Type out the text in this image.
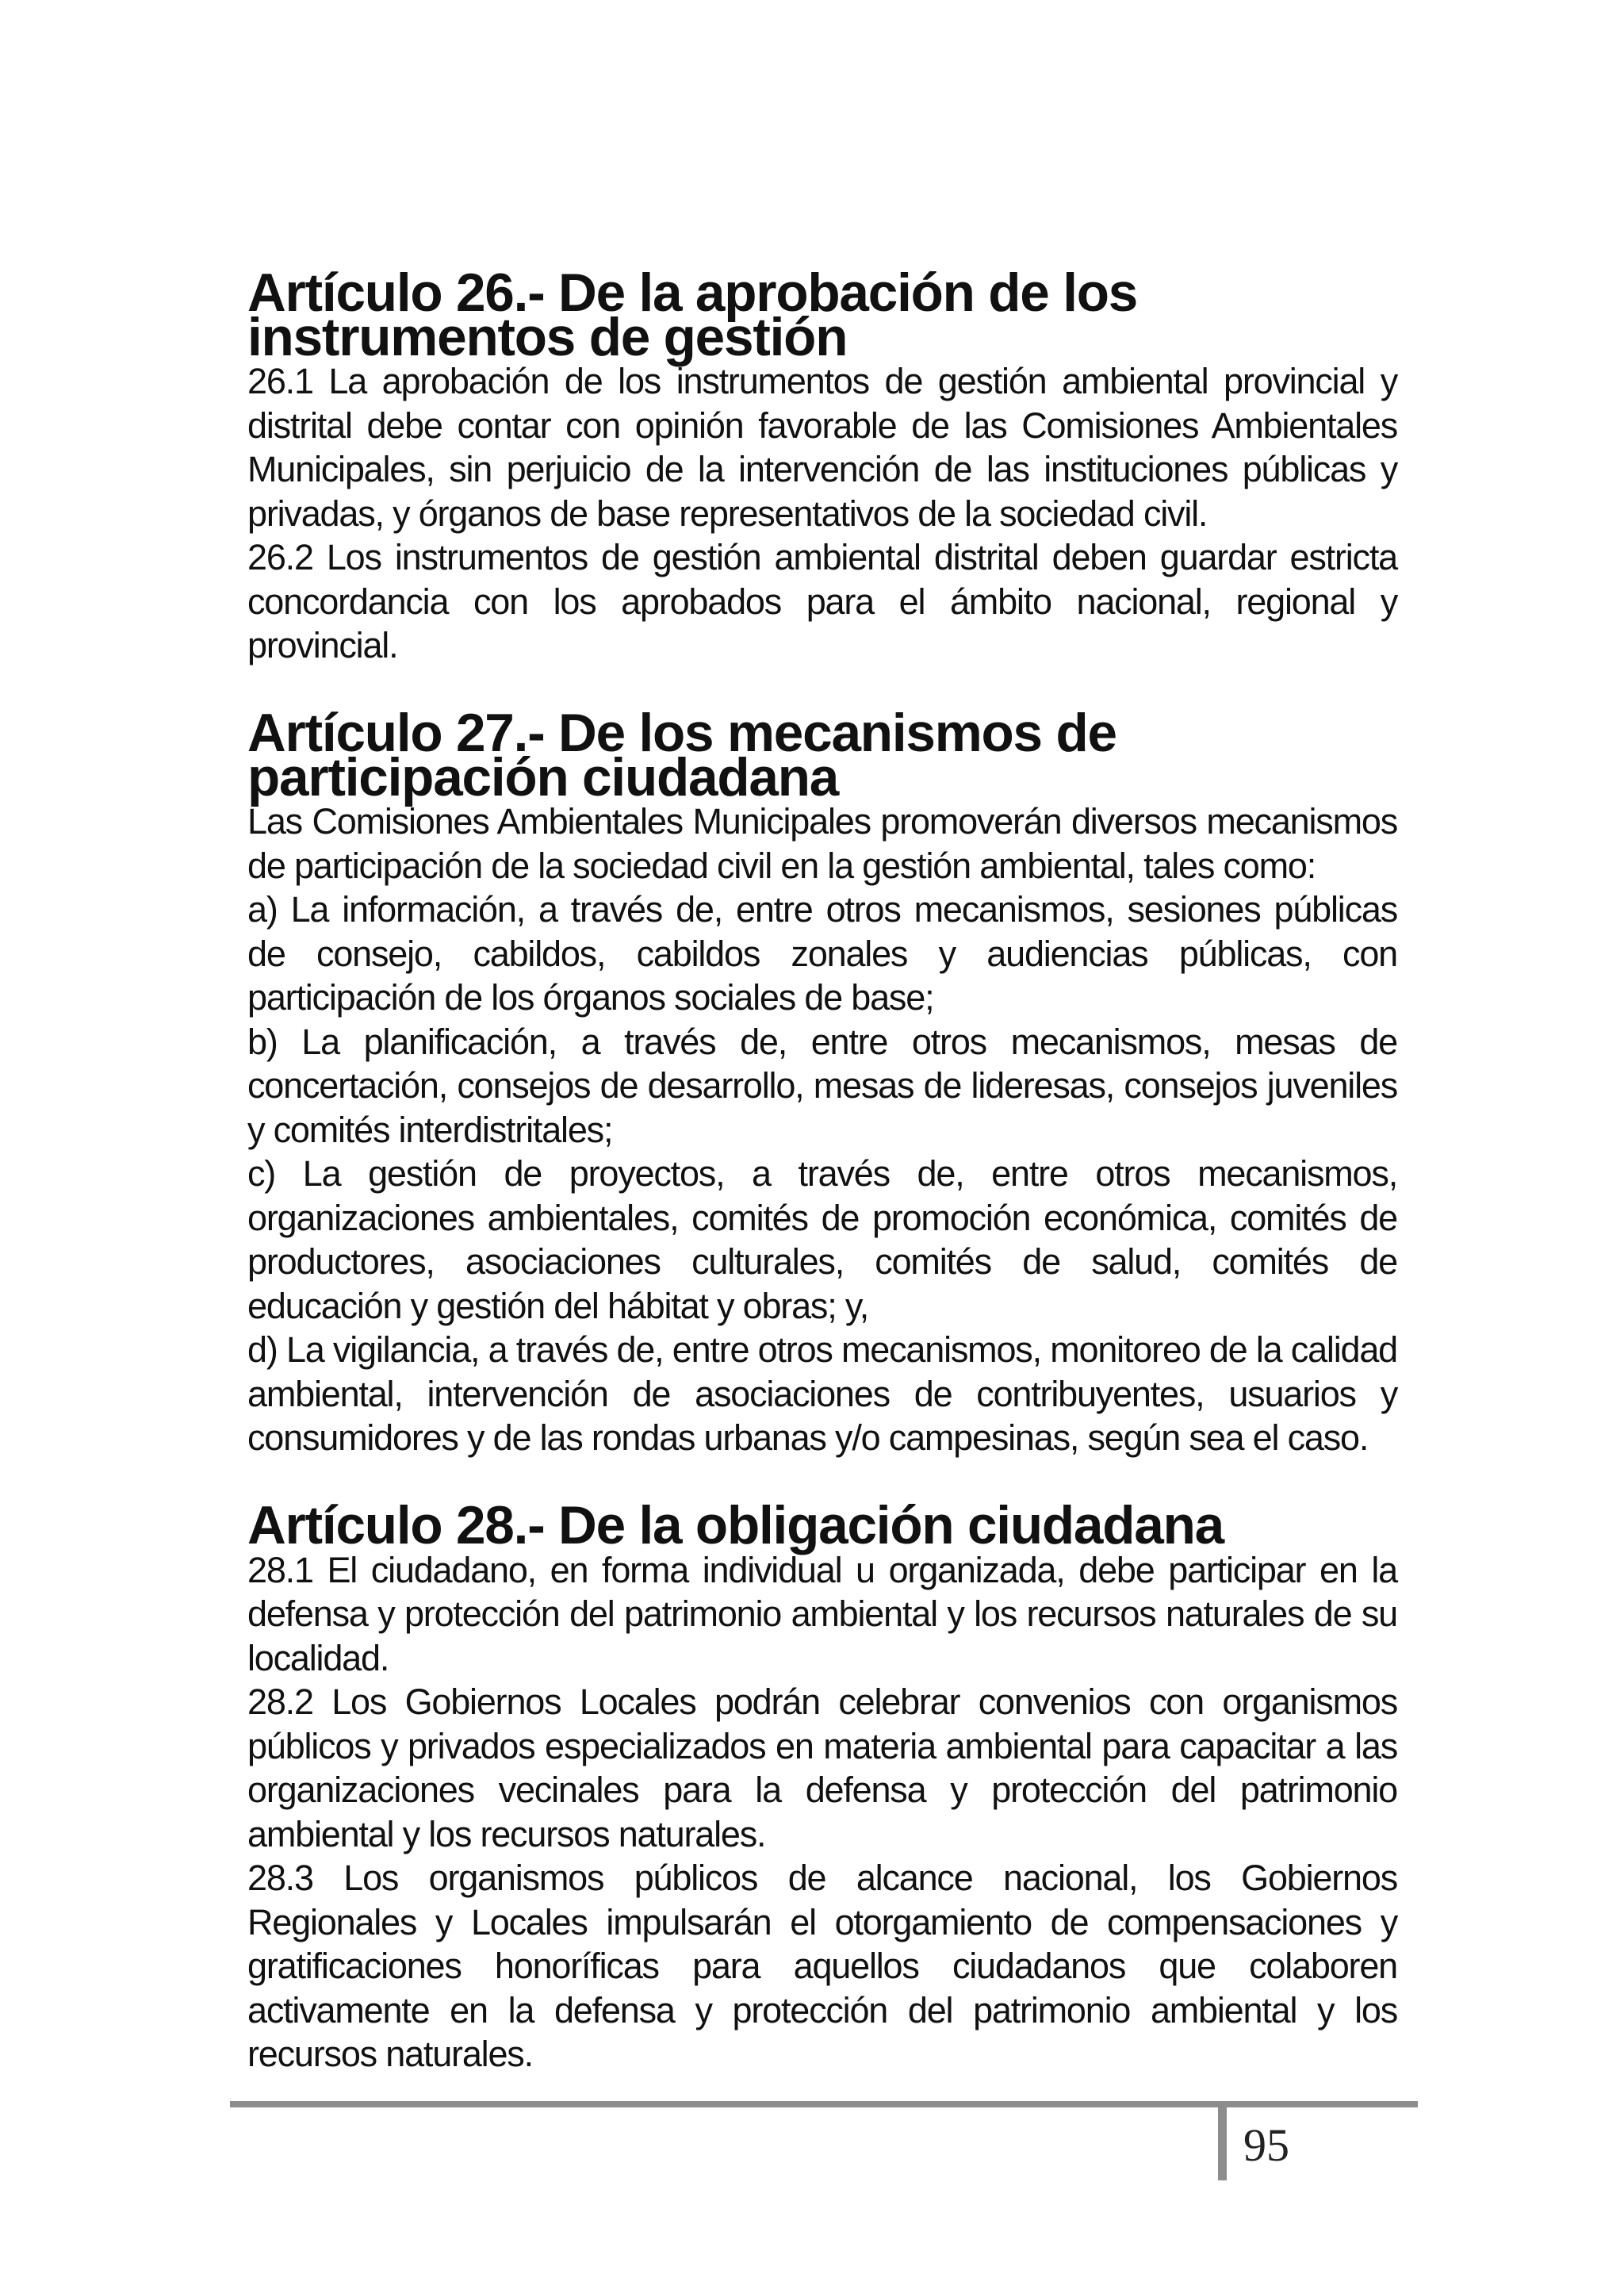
Artículo 26.- De la aprobación de los instrumentos de gestión

26.1 La aprobación de los instrumentos de gestión ambiental provincial y distrital debe contar con opinión favorable de las Comisiones Ambientales Municipales, sin perjuicio de la intervención de las instituciones públicas y privadas, y órganos de base representativos de la sociedad civil.

26.2 Los instrumentos de gestión ambiental distrital deben guardar estricta concordancia con los aprobados para el ámbito nacional, regional y provincial.

Artículo 27.- De los mecanismos de participación ciudadana

Las Comisiones Ambientales Municipales promoverán diversos mecanismos de participación de la sociedad civil en la gestión ambiental, tales como:

a) La información, a través de, entre otros mecanismos, sesiones públicas de consejo, cabildos, cabildos zonales y audiencias públicas, con participación de los órganos sociales de base;

b) La planificación, a través de, entre otros mecanismos, mesas de concertación, consejos de desarrollo, mesas de lideresas, consejos juveniles y comités interdistritales;

c) La gestión de proyectos, a través de, entre otros mecanismos, organizaciones ambientales, comités de promoción económica, comités de productores, asociaciones culturales, comités de salud, comités de educación y gestión del hábitat y obras; y,

d) La vigilancia, a través de, entre otros mecanismos, monitoreo de la calidad ambiental, intervención de asociaciones de contribuyentes, usuarios y consumidores y de las rondas urbanas y/o campesinas, según sea el caso.

Artículo 28.- De la obligación ciudadana

28.1 El ciudadano, en forma individual u organizada, debe participar en la defensa y protección del patrimonio ambiental y los recursos naturales de su localidad.

28.2 Los Gobiernos Locales podrán celebrar convenios con organismos públicos y privados especializados en materia ambiental para capacitar a las organizaciones vecinales para la defensa y protección del patrimonio ambiental y los recursos naturales.

28.3 Los organismos públicos de alcance nacional, los Gobiernos Regionales y Locales impulsarán el otorgamiento de compensaciones y gratificaciones honoríficas para aquellos ciudadanos que colaboren activamente en la defensa y protección del patrimonio ambiental y los recursos naturales.

95
